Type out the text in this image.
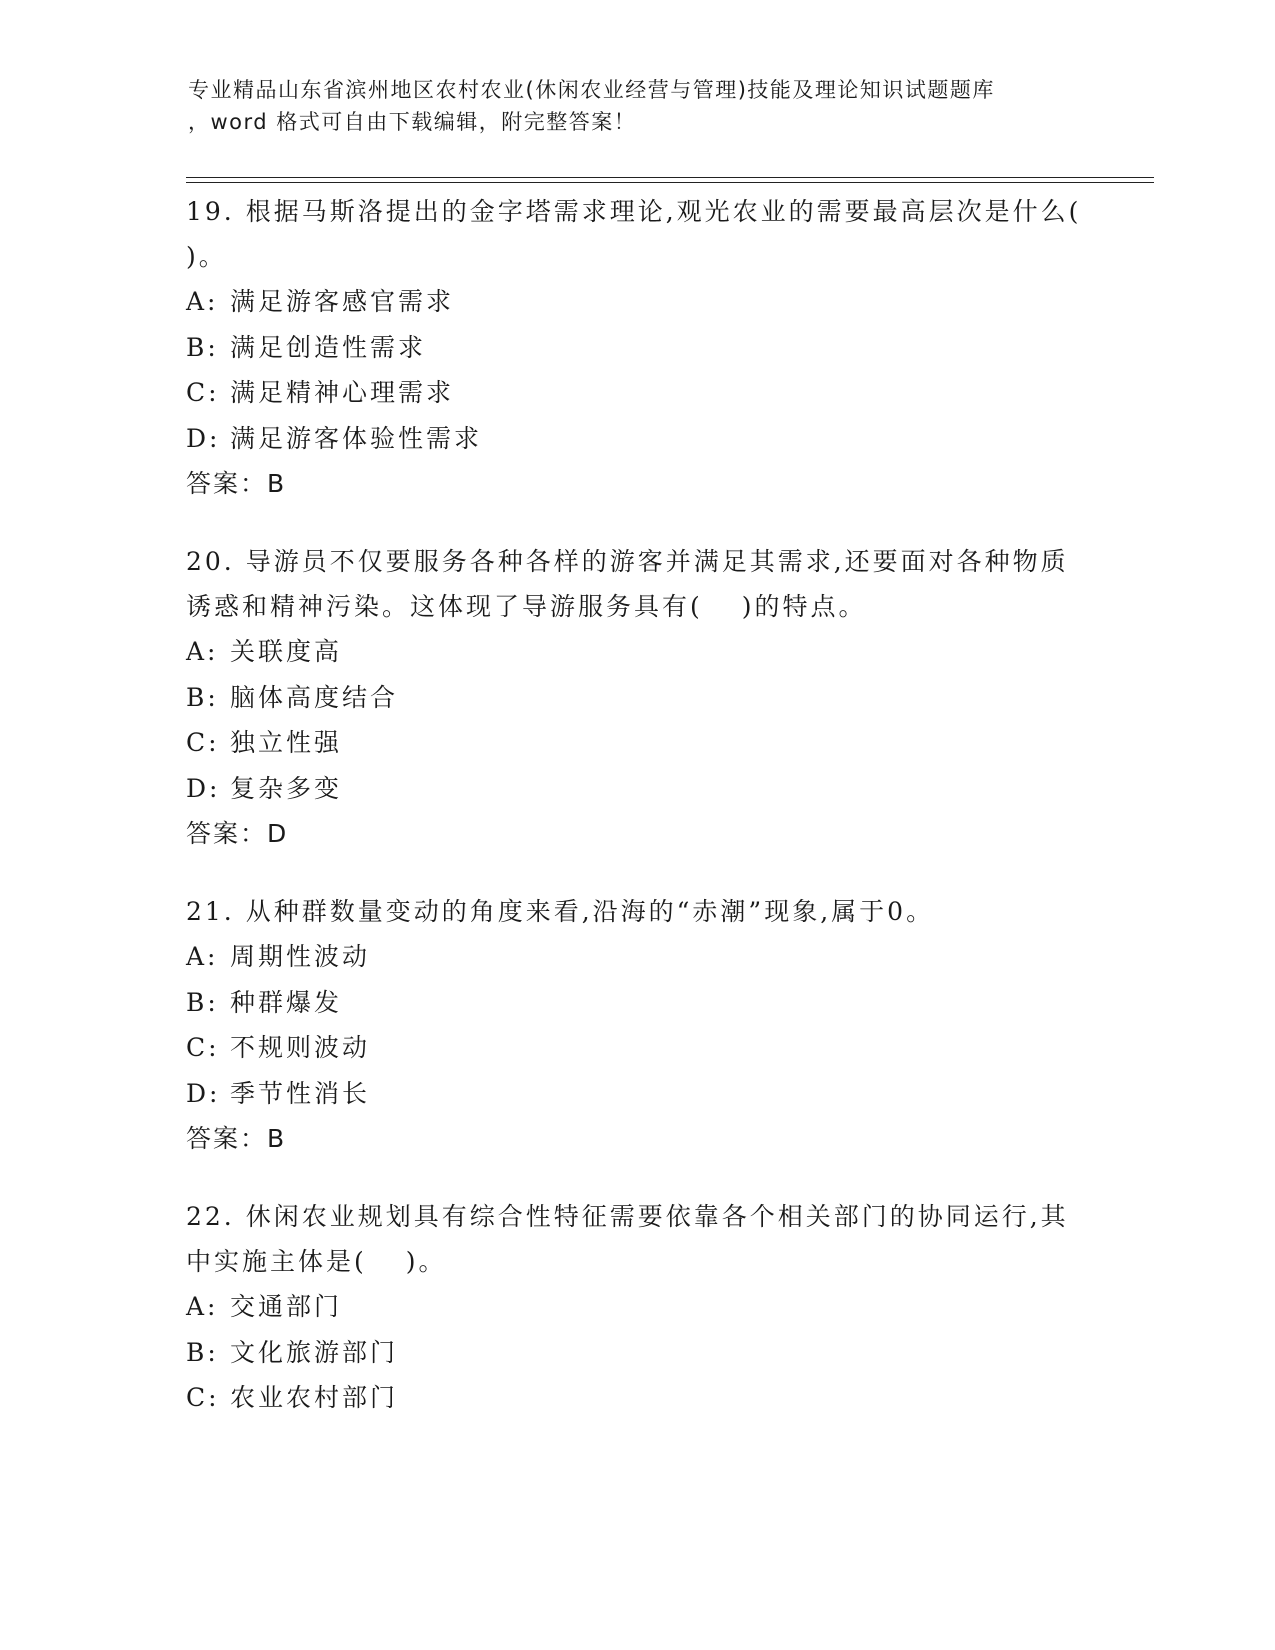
专业精品山东省滨州地区农村农业(休闲农业经营与管理)技能及理论知识试题题库
，word 格式可自由下载编辑，附完整答案！
19. 根据马斯洛提出的金字塔需求理论,观光农业的需要最高层次是什么(　 )。
A: 满足游客感官需求
B: 满足创造性需求
C: 满足精神心理需求
D: 满足游客体验性需求
答案：B
20. 导游员不仅要服务各种各样的游客并满足其需求,还要面对各种物质诱惑和精神污染。这体现了导游服务具有(　 )的特点。
A: 关联度高
B: 脑体高度结合
C: 独立性强
D: 复杂多变
答案：D
21. 从种群数量变动的角度来看,沿海的“赤潮”现象,属于0。
A: 周期性波动
B: 种群爆发
C: 不规则波动
D: 季节性消长
答案：B
22. 休闲农业规划具有综合性特征需要依靠各个相关部门的协同运行,其中实施主体是(　 )。
A: 交通部门
B: 文化旅游部门
C: 农业农村部门
